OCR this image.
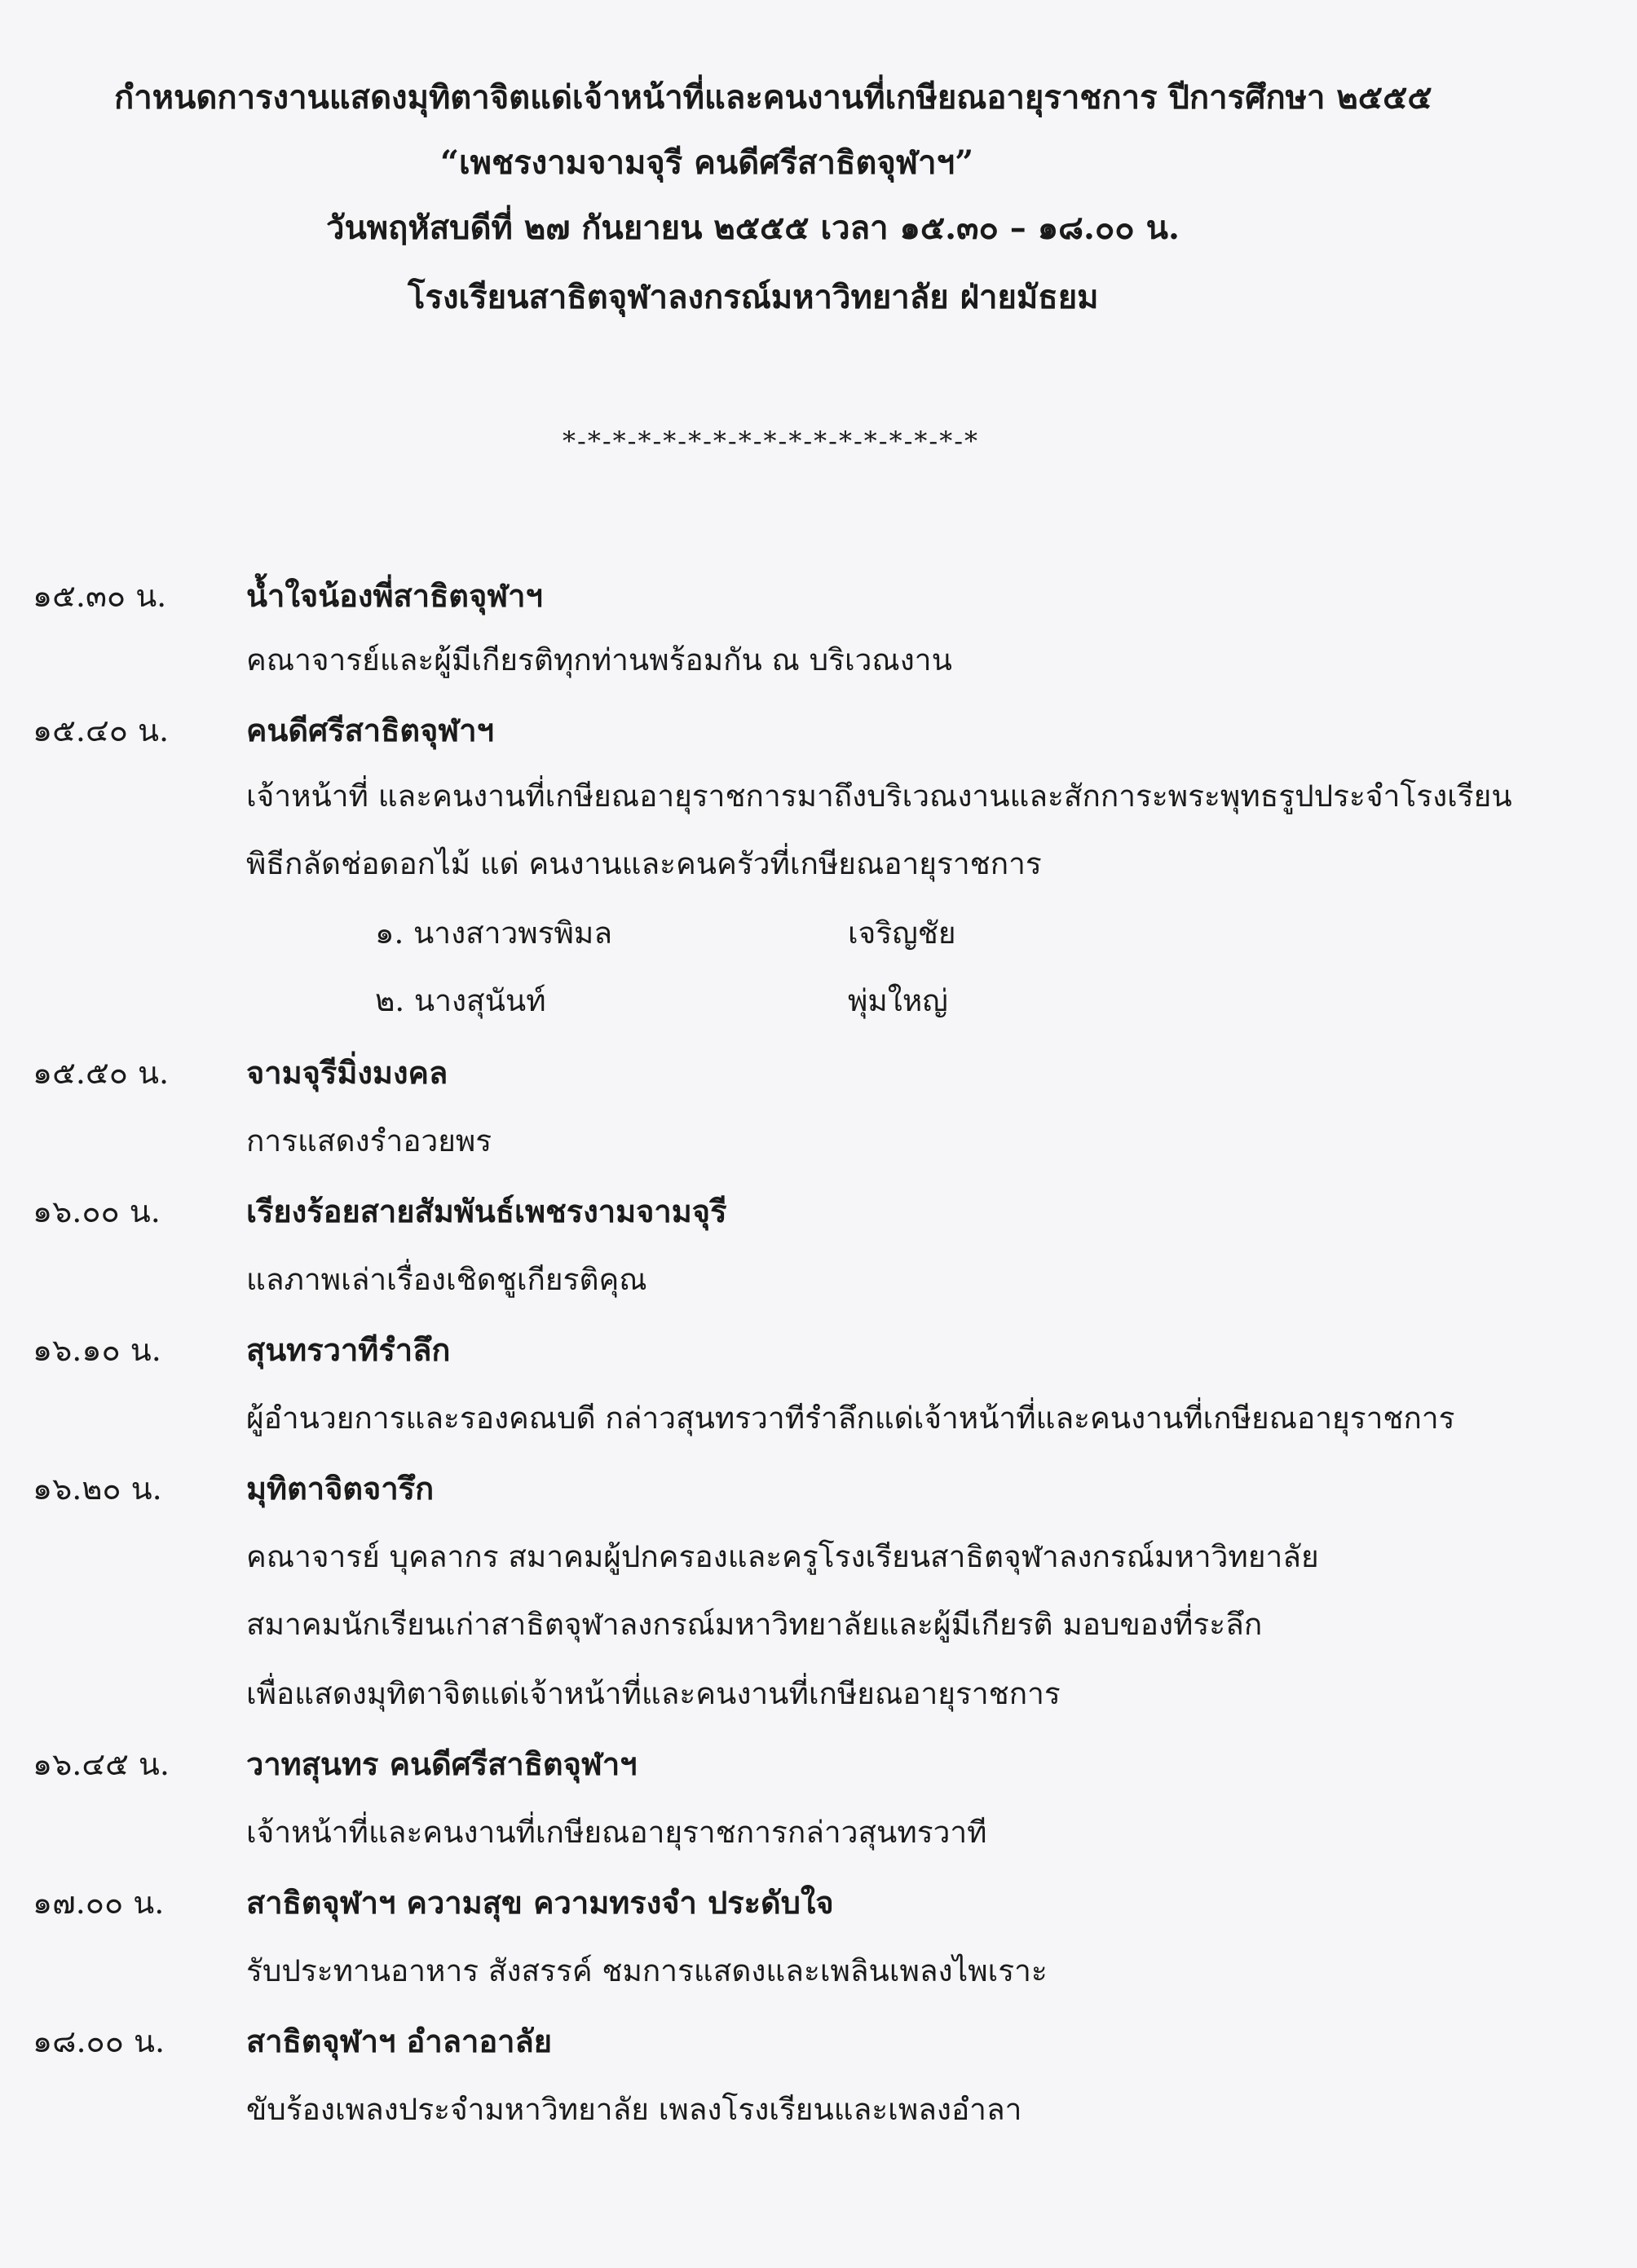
กำหนดการงานแสดงมุทิตาจิตแด่เจ้าหน้าที่และคนงานที่เกษียณอายุราชการ ปีการศึกษา ๒๕๕๕
“เพชรงามจามจุรี คนดีศรีสาธิตจุฬาฯ”
วันพฤหัสบดีที่ ๒๗ กันยายน ๒๕๕๕ เวลา ๑๕.๓๐ – ๑๘.๐๐ น.
โรงเรียนสาธิตจุฬาลงกรณ์มหาวิทยาลัย ฝ่ายมัธยม
*-*-*-*-*-*-*-*-*-*-*-*-*-*-*-*-*
๑๕.๓๐ น.	น้ำใจน้องพี่สาธิตจุฬาฯ
คณาจารย์และผู้มีเกียรติทุกท่านพร้อมกัน ณ บริเวณงาน
๑๕.๔๐ น. คนดีศรีสาธิตจุฬาฯ
เจ้าหน้าที่ และคนงานที่เกษียณอายุราชการมาถึงบริเวณงานและสักการะพระพุทธรูปประจำโรงเรียน
พิธีกลัดช่อดอกไม้ แด่ คนงานและคนครัวที่เกษียณอายุราชการ
๑. นางสาวพรพิมล	เจริญชัย
๒. นางสุนันท์	พุ่มใหญ่
๑๕.๕๐ น. จามจุรีมิ่งมงคล
การแสดงรำอวยพร
๑๖.๐๐ น.	เรียงร้อยสายสัมพันธ์เพชรงามจามจุรี
แลภาพเล่าเรื่องเชิดชูเกียรติคุณ
๑๖.๑๐ น.	สุนทรวาทีรำลึก
ผู้อำนวยการและรองคณบดี กล่าวสุนทรวาทีรำลึกแด่เจ้าหน้าที่และคนงานที่เกษียณอายุราชการ
๑๖.๒๐ น.	มุทิตาจิตจารึก
คณาจารย์ บุคลากร สมาคมผู้ปกครองและครูโรงเรียนสาธิตจุฬาลงกรณ์มหาวิทยาลัย
สมาคมนักเรียนเก่าสาธิตจุฬาลงกรณ์มหาวิทยาลัยและผู้มีเกียรติ มอบของที่ระลึก
เพื่อแสดงมุทิตาจิตแด่เจ้าหน้าที่และคนงานที่เกษียณอายุราชการ
๑๖.๔๕ น. วาทสุนทร คนดีศรีสาธิตจุฬาฯ
เจ้าหน้าที่และคนงานที่เกษียณอายุราชการกล่าวสุนทรวาที
๑๗.๐๐ น.	สาธิตจุฬาฯ ความสุข ความทรงจำ ประดับใจ
รับประทานอาหาร สังสรรค์ ชมการแสดงและเพลินเพลงไพเราะ
๑๘.๐๐ น.	สาธิตจุฬาฯ อำลาอาลัย
ขับร้องเพลงประจำมหาวิทยาลัย เพลงโรงเรียนและเพลงอำลา
